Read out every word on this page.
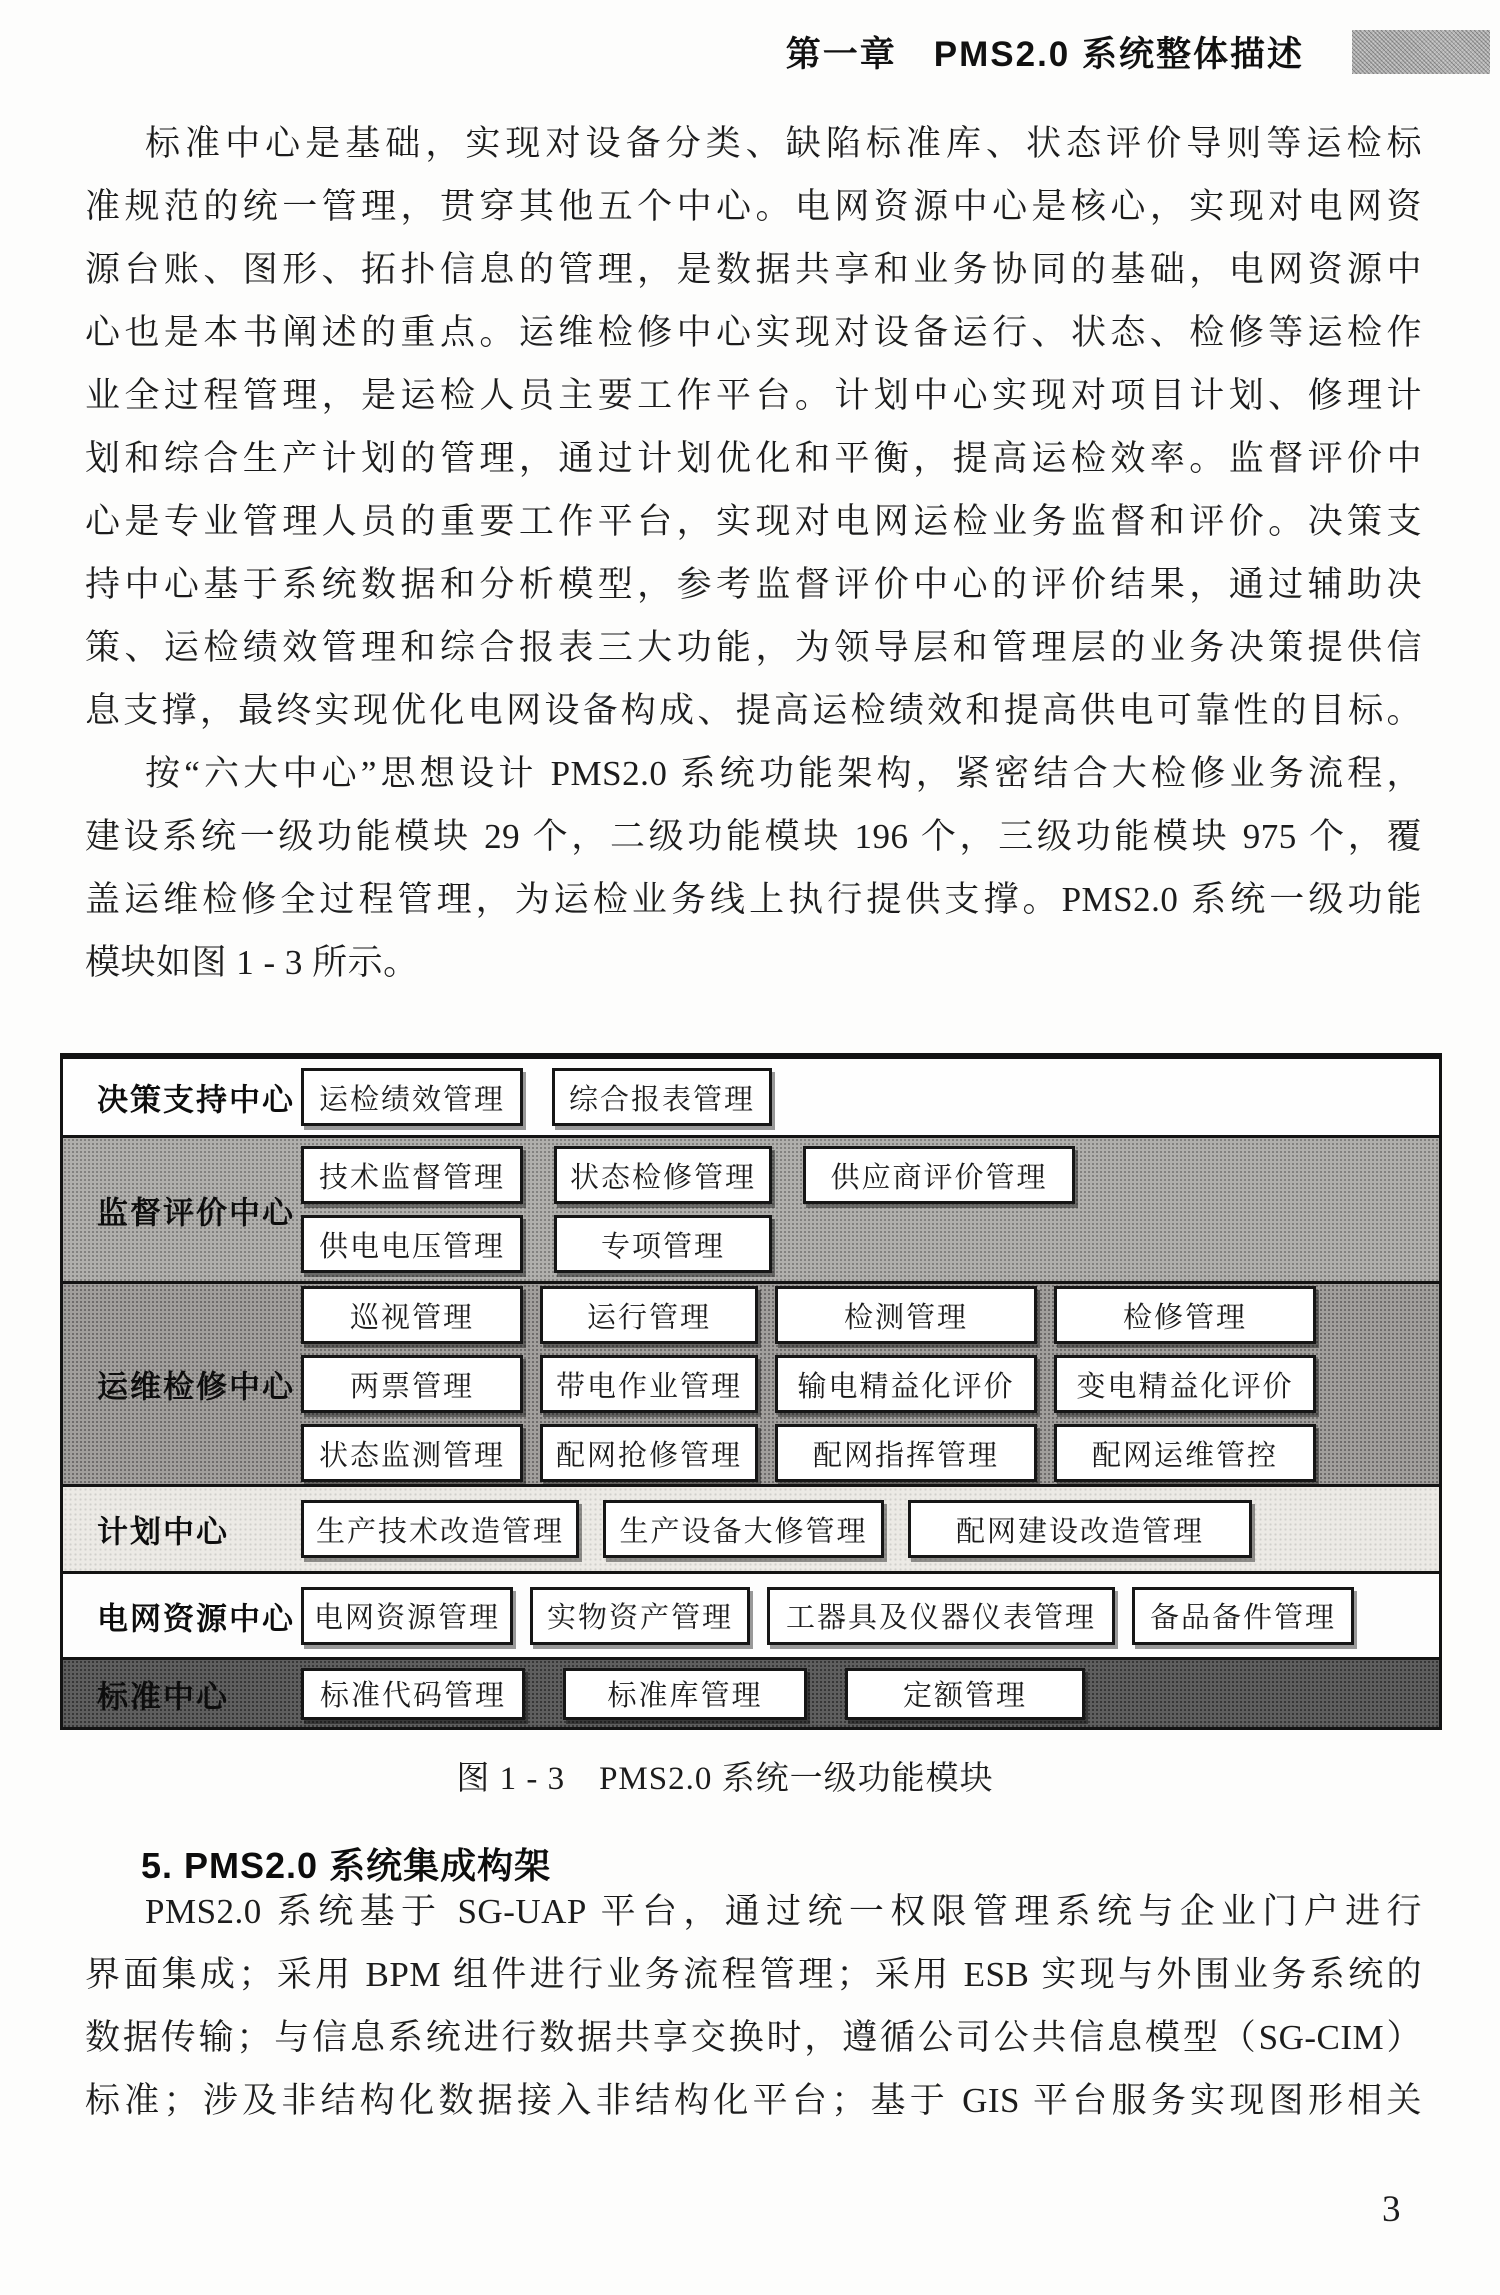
第一章　PMS2.0 系统整体描述
标准中心是基础，实现对设备分类、缺陷标准库、状态评价导则等运检标
准规范的统一管理，贯穿其他五个中心。电网资源中心是核心，实现对电网资
源台账、图形、拓扑信息的管理，是数据共享和业务协同的基础，电网资源中
心也是本书阐述的重点。运维检修中心实现对设备运行、状态、检修等运检作
业全过程管理，是运检人员主要工作平台。计划中心实现对项目计划、修理计
划和综合生产计划的管理，通过计划优化和平衡，提高运检效率。监督评价中
心是专业管理人员的重要工作平台，实现对电网运检业务监督和评价。决策支
持中心基于系统数据和分析模型，参考监督评价中心的评价结果，通过辅助决
策、运检绩效管理和综合报表三大功能，为领导层和管理层的业务决策提供信
息支撑，最终实现优化电网设备构成、提高运检绩效和提高供电可靠性的目标。
按“六大中心”思想设计 PMS2.0 系统功能架构，紧密结合大检修业务流程，
建设系统一级功能模块 29 个，二级功能模块 196 个，三级功能模块 975 个，覆
盖运维检修全过程管理，为运检业务线上执行提供支撑。PMS2.0 系统一级功能
模块如图 1 - 3 所示。
决策支持中心 运检绩效管理	综合报表管理
监督评价中心
技术监督管理	状态检修管理	供应商评价管理
供电电压管理	专项管理
运维检修中心
巡视管理	运行管理	检测管理	检修管理
两票管理	带电作业管理	输电精益化评价	变电精益化评价
状态监测管理	配网抢修管理	配网指挥管理	配网运维管控
计划中心	生产技术改造管理	生产设备大修管理	配网建设改造管理
电网资源中心 电网资源管理	实物资产管理	工器具及仪器仪表管理	备品备件管理
标准中心	标准代码管理	标准库管理	定额管理
图 1 - 3　PMS2.0 系统一级功能模块
5. PMS2.0 系统集成构架
PMS2.0 系统基于 SG-UAP 平台，通过统一权限管理系统与企业门户进行
界面集成；采用 BPM 组件进行业务流程管理；采用 ESB 实现与外围业务系统的
数据传输；与信息系统进行数据共享交换时，遵循公司公共信息模型（SG-CIM）
标准；涉及非结构化数据接入非结构化平台；基于 GIS 平台服务实现图形相关
3
